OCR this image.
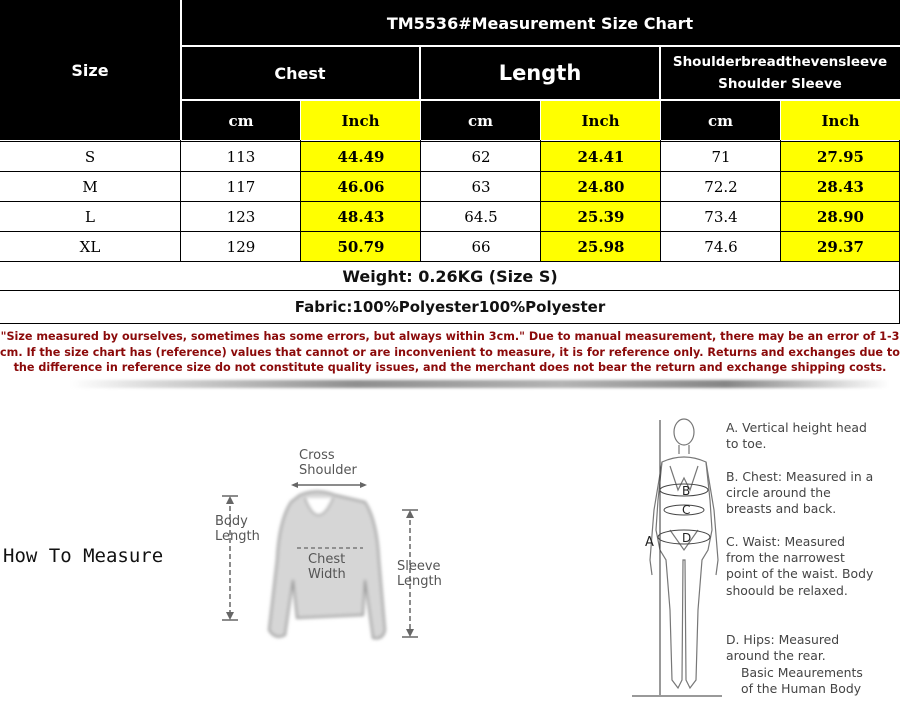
Size
TM5536#Measurement Size Chart
Chest	Length	Shoulderbreadthevensleeve
Shoulder Sleeve
cm	Inch	cm	Inch	cm	Inch
S	113	44.49	62	24.41	71	27.95
M	117	46.06	63	24.80	72.2	28.43
L	123	48.43	64.5	25.39	73.4	28.90
XL	129	50.79	66	25.98	74.6	29.37
Weight: 0.26KG (Size S)
Fabric:100%Polyester100%Polyester
"Size measured by ourselves, sometimes has some errors, but always within 3cm." Due to manual measurement, there may be an error of 1-3 cm. If the size chart has (reference) values that cannot or are inconvenient to measure, it is for reference only. Returns and exchanges due to the difference in reference size do not constitute quality issues, and the merchant does not bear the return and exchange shipping costs.
How To Measure
Cross
Shoulder
Body
Length
Chest
Width
Sleeve
Length
B
C
D
A
A. Vertical height head to toe.
B. Chest: Measured in a circle around the breasts and back.
C. Waist: Measured from the narrowest point of the waist. Body shoould be relaxed.
D. Hips: Measured around the rear.
Basic Meaurements of the Human Body
